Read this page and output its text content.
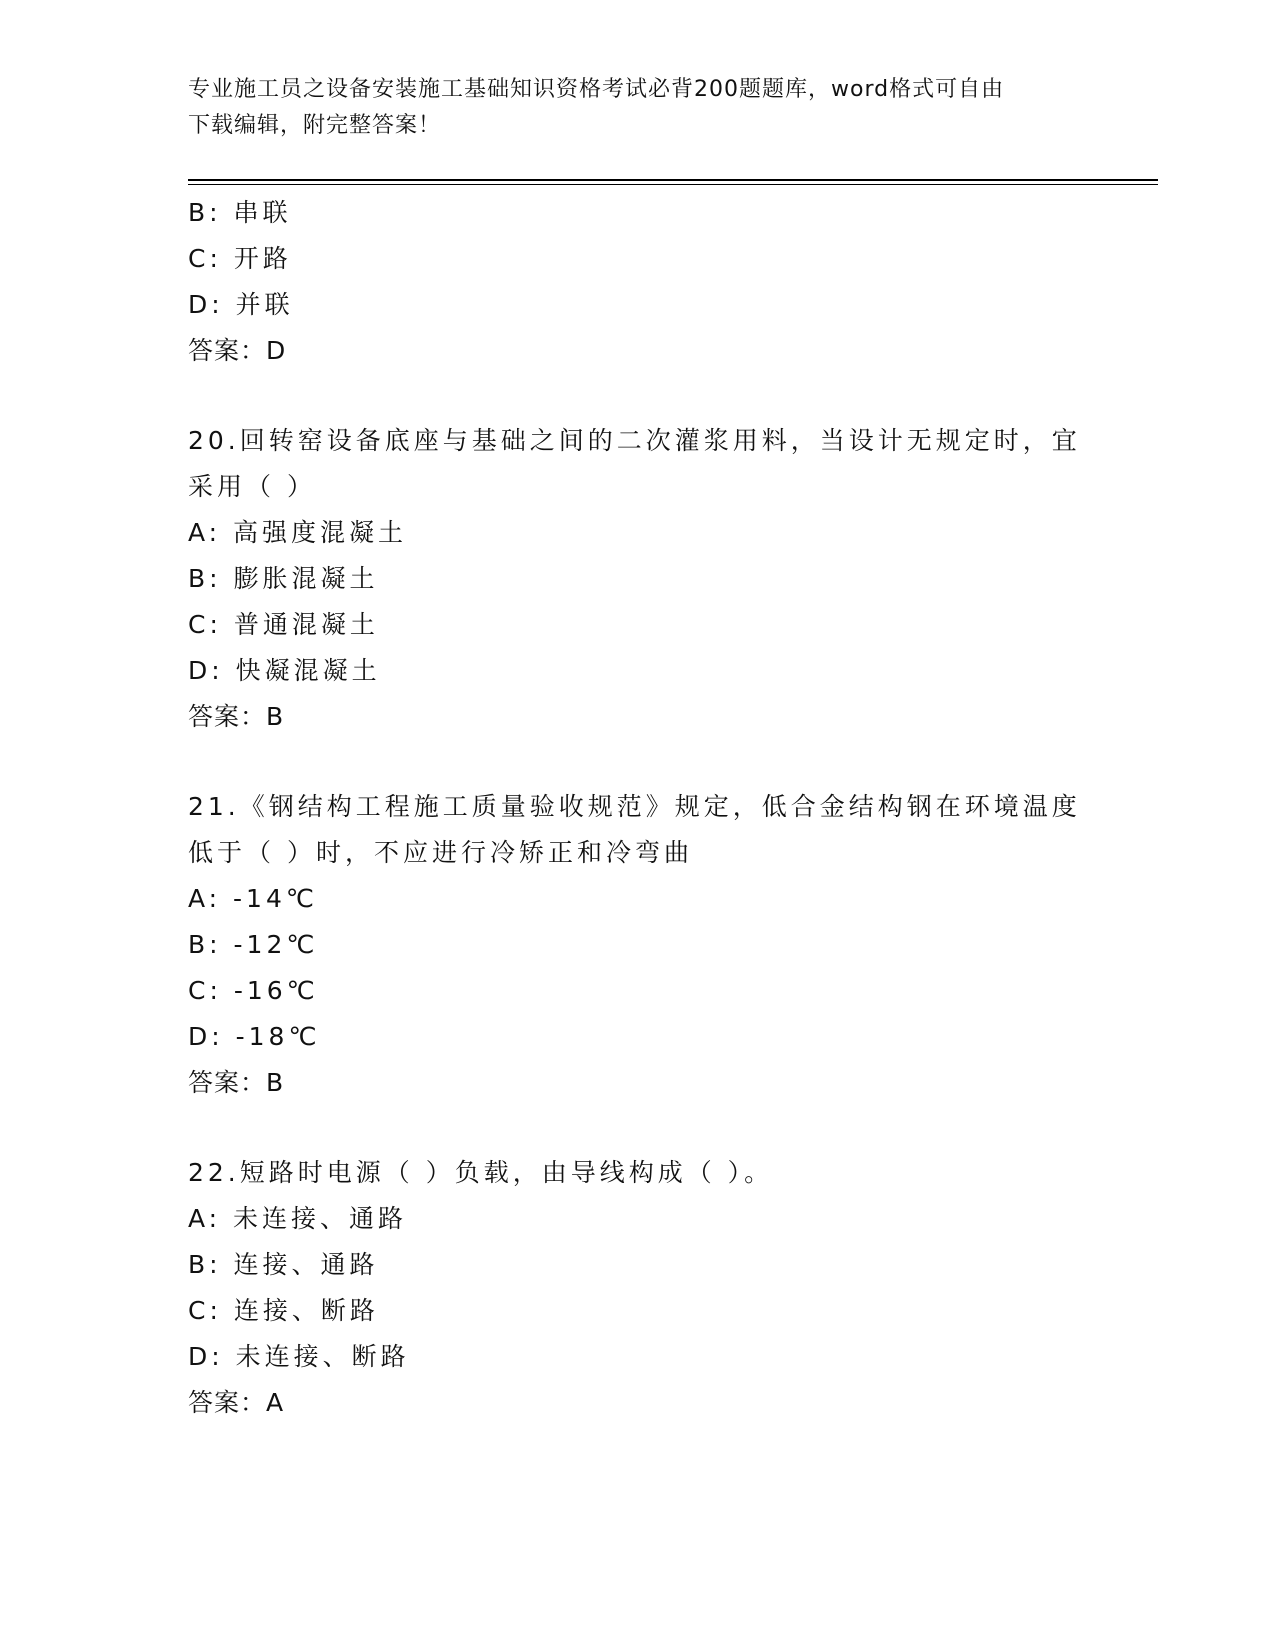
专业施工员之设备安装施工基础知识资格考试必背200题题库，word格式可自由
下载编辑，附完整答案！
B: 串联
C: 开路
D: 并联
答案：D
20.回转窑设备底座与基础之间的二次灌浆用料，当设计无规定时，宜
采用（ ）
A: 高强度混凝土
B: 膨胀混凝土
C: 普通混凝土
D: 快凝混凝土
答案：B
21.《钢结构工程施工质量验收规范》规定，低合金结构钢在环境温度
低于（ ）时，不应进行冷矫正和冷弯曲
A: -14℃
B: -12℃
C: -16℃
D: -18℃
答案：B
22.短路时电源（ ）负载，由导线构成（ ）。
A: 未连接、通路
B: 连接、通路
C: 连接、断路
D: 未连接、断路
答案：A
